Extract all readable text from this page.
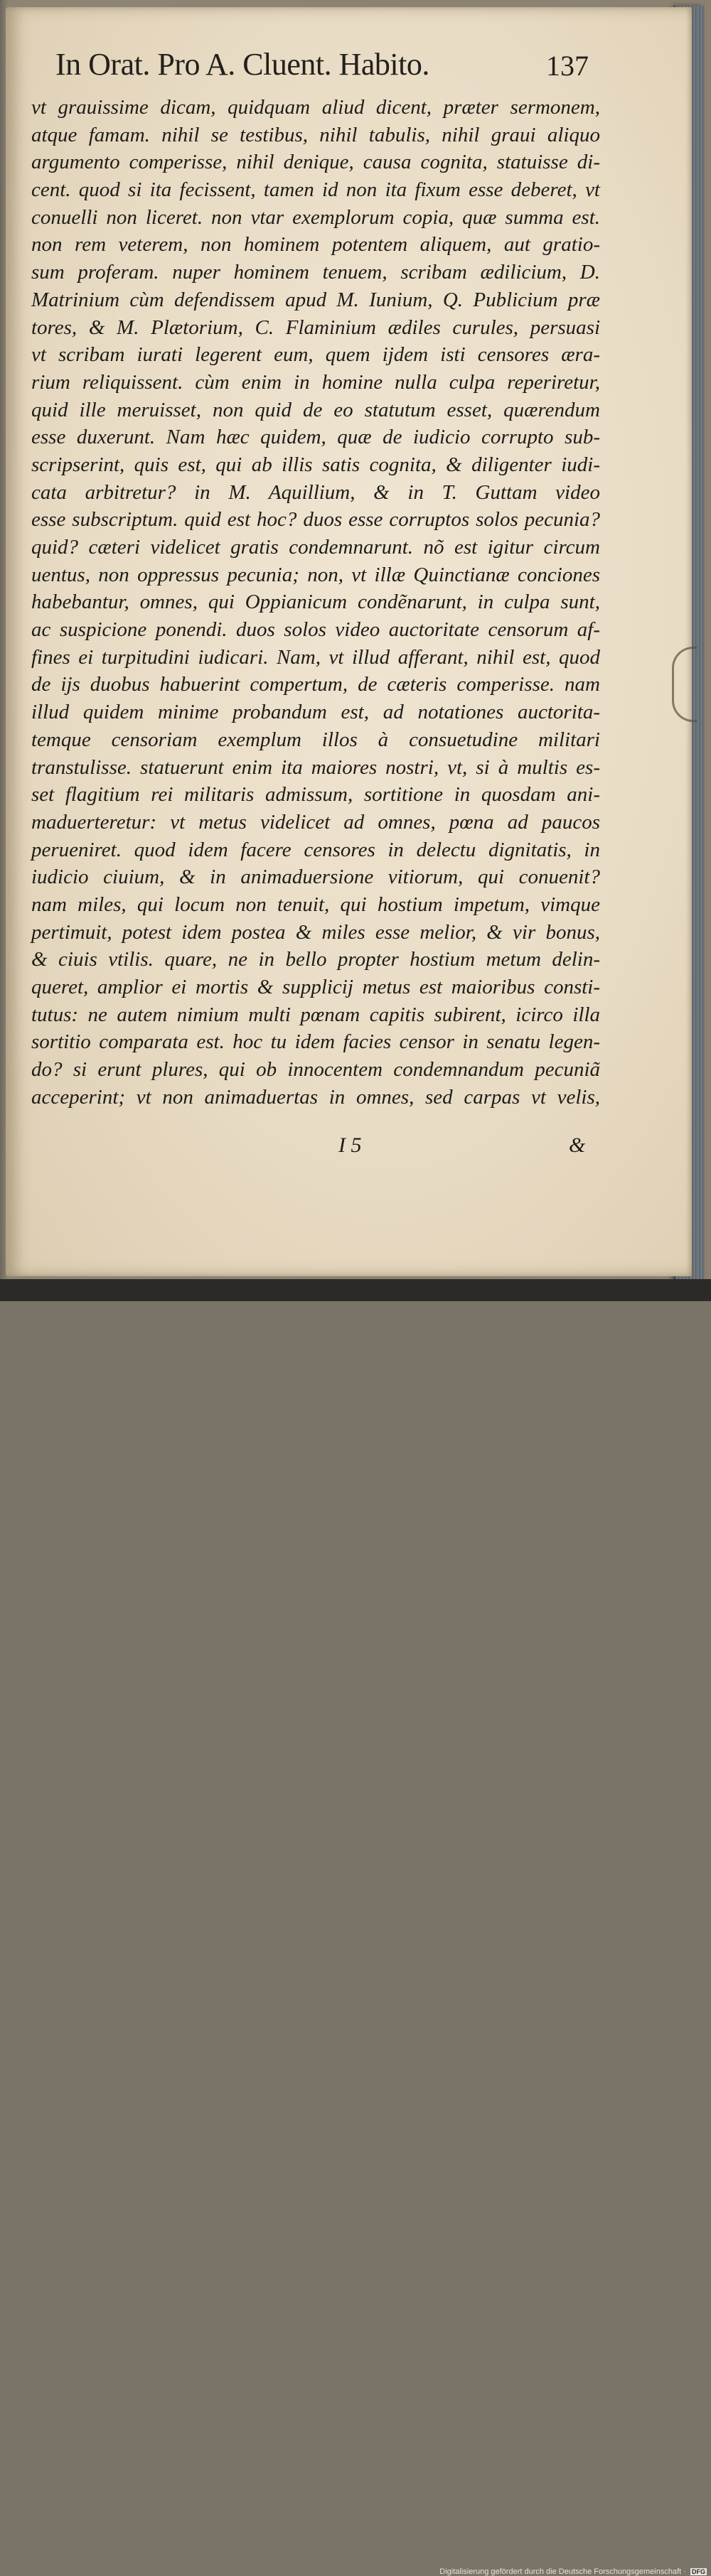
In Orat. Pro A. Cluent. Habito.	137
vt grauissime dicam, quidquam aliud dicent, præter sermonem,
atque famam. nihil se testibus, nihil tabulis, nihil graui aliquo
argumento comperisse, nihil denique, causa cognita, statuisse di-
cent. quod si ita fecissent, tamen id non ita fixum esse deberet, vt
conuelli non liceret. non vtar exemplorum copia, quæ summa est.
non rem veterem, non hominem potentem aliquem, aut gratio-
sum proferam. nuper hominem tenuem, scribam ædilicium, D.
Matrinium cùm defendissem apud M. Iunium, Q. Publicium præ
tores, & M. Plætorium, C. Flaminium ædiles curules, persuasi
vt scribam iurati legerent eum, quem ijdem isti censores æra-
rium reliquissent. cùm enim in homine nulla culpa reperiretur,
quid ille meruisset, non quid de eo statutum esset, quærendum
esse duxerunt. Nam hæc quidem, quæ de iudicio corrupto sub-
scripserint, quis est, qui ab illis satis cognita, & diligenter iudi-
cata arbitretur? in M. Aquillium, & in T. Guttam video
esse subscriptum. quid est hoc? duos esse corruptos solos pecunia?
quid? cæteri videlicet gratis condemnarunt. nõ est igitur circum
uentus, non oppressus pecunia; non, vt illæ Quinctianæ conciones
habebantur, omnes, qui Oppianicum condẽnarunt, in culpa sunt,
ac suspicione ponendi. duos solos video auctoritate censorum af-
fines ei turpitudini iudicari. Nam, vt illud afferant, nihil est, quod
de ijs duobus habuerint compertum, de cæteris comperisse. nam
illud quidem minime probandum est, ad notationes auctorita-
temque censoriam exemplum illos à consuetudine militari
transtulisse. statuerunt enim ita maiores nostri, vt, si à multis es-
set flagitium rei militaris admissum, sortitione in quosdam ani-
maduerteretur: vt metus videlicet ad omnes, pœna ad paucos
perueniret. quod idem facere censores in delectu dignitatis, in
iudicio ciuium, & in animaduersione vitiorum, qui conuenit?
nam miles, qui locum non tenuit, qui hostium impetum, vimque
pertimuit, potest idem postea & miles esse melior, & vir bonus,
& ciuis vtilis. quare, ne in bello propter hostium metum delin-
queret, amplior ei mortis & supplicij metus est maioribus consti-
tutus: ne autem nimium multi pœnam capitis subirent, icirco illa
sortitio comparata est. hoc tu idem facies censor in senatu legen-
do? si erunt plures, qui ob innocentem condemnandum pecuniã
acceperint; vt non animaduertas in omnes, sed carpas vt velis,
I 5	&
Digitalisierung gefördert durch die Deutsche Forschungsgemeinschaft · DFG
